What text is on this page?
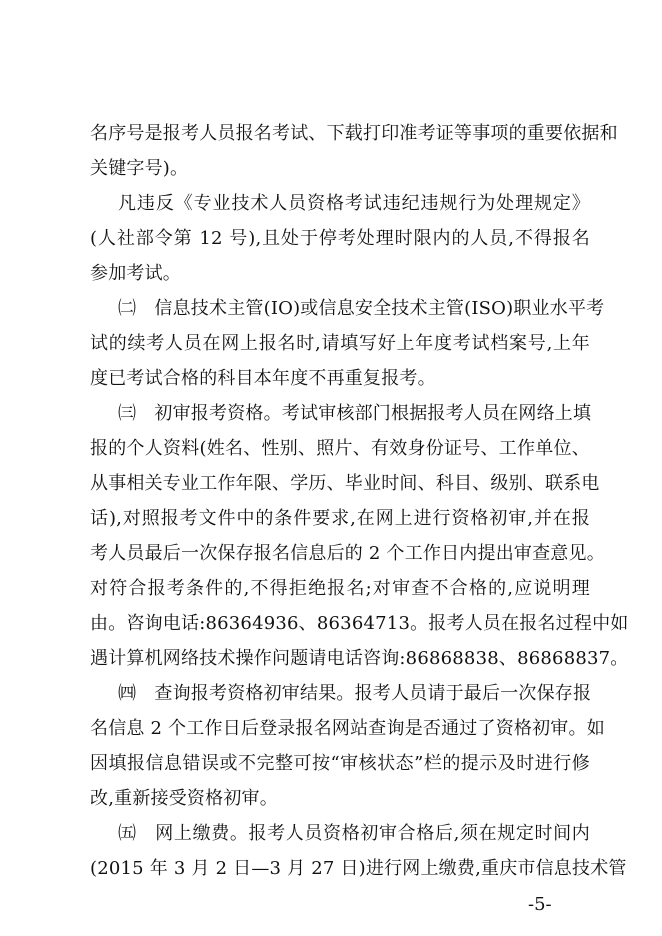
名序号是报考人员报名考试、下载打印准考证等事项的重要依据和
关键字号)。
凡违反《专业技术人员资格考试违纪违规行为处理规定》
(人社部令第 12 号),且处于停考处理时限内的人员,不得报名
参加考试。
㈡　信息技术主管(IO)或信息安全技术主管(ISO)职业水平考
试的续考人员在网上报名时,请填写好上年度考试档案号,上年
度已考试合格的科目本年度不再重复报考。
㈢　初审报考资格。考试审核部门根据报考人员在网络上填
报的个人资料(姓名、性别、照片、有效身份证号、工作单位、
从事相关专业工作年限、学历、毕业时间、科目、级别、联系电
话),对照报考文件中的条件要求,在网上进行资格初审,并在报
考人员最后一次保存报名信息后的 2 个工作日内提出审查意见。
对符合报考条件的,不得拒绝报名;对审查不合格的,应说明理
由。咨询电话:86364936、86364713。报考人员在报名过程中如
遇计算机网络技术操作问题请电话咨询:86868838、86868837。
㈣　查询报考资格初审结果。报考人员请于最后一次保存报
名信息 2 个工作日后登录报名网站查询是否通过了资格初审。如
因填报信息错误或不完整可按“审核状态”栏的提示及时进行修
改,重新接受资格初审。
㈤　网上缴费。报考人员资格初审合格后,须在规定时间内
(2015 年 3 月 2 日—3 月 27 日)进行网上缴费,重庆市信息技术管
-5-
